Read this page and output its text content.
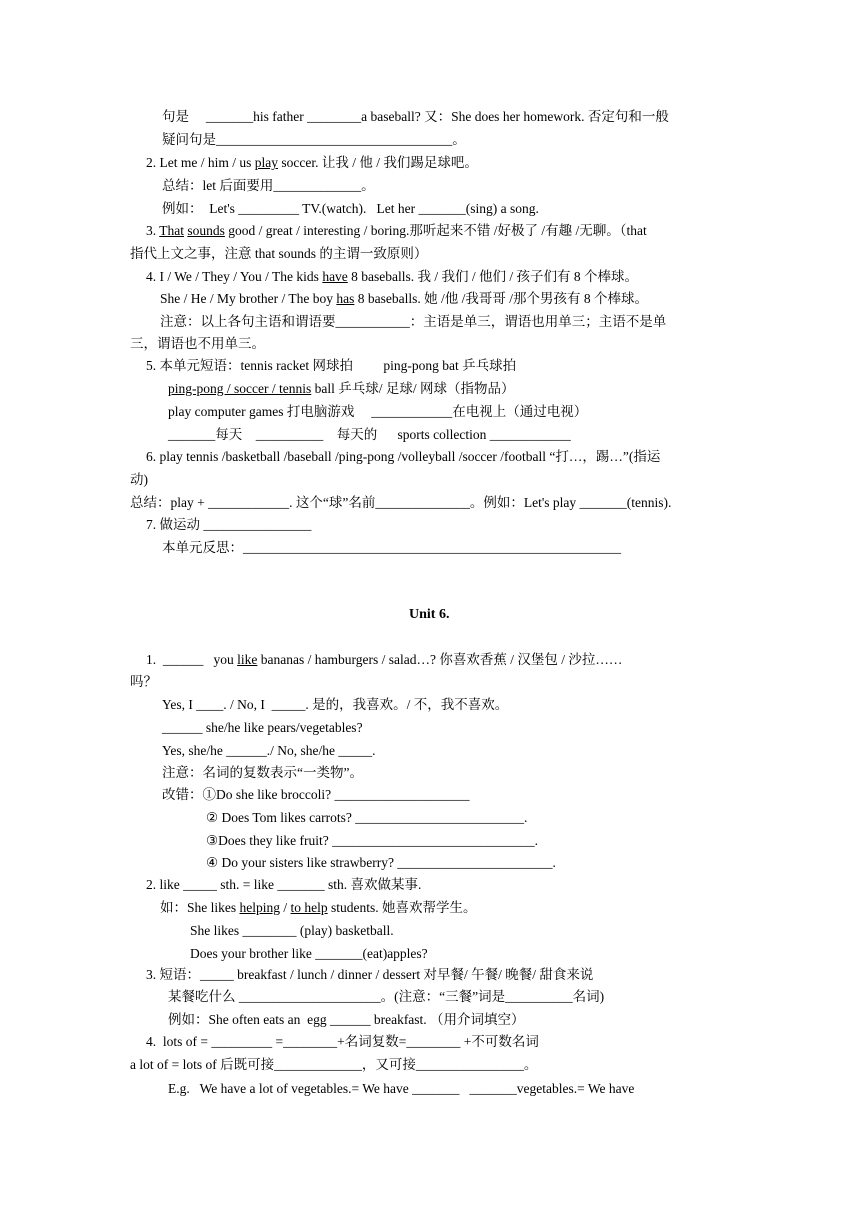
句是　 _______his father ________a baseball? 又：She does her homework. 否定句和一般
疑问句是___________________________________。
2. Let me / him / us play soccer. 让我 / 他 / 我们踢足球吧。
总结：let 后面要用_____________。
例如：  Let's _________ TV.(watch).   Let her _______(sing) a song.
3. That sounds good / great / interesting / boring.那听起来不错 /好极了 /有趣 /无聊。（that
指代上文之事，注意 that sounds 的主谓一致原则）
4. I / We / They / You / The kids have 8 baseballs. 我 / 我们 / 他们 / 孩子们有 8 个棒球。
She / He / My brother / The boy has 8 baseballs. 她 /他 /我哥哥 /那个男孩有 8 个棒球。
注意：以上各句主语和谓语要___________：主语是单三，谓语也用单三；主语不是单
三，谓语也不用单三。
5. 本单元短语：tennis racket 网球拍         ping-pong bat 乒乓球拍
ping-pong / soccer / tennis ball 乒乓球/ 足球/ 网球（指物品）
play computer games 打电脑游戏     ____________在电视上（通过电视）
_______每天    __________    每天的      sports collection ____________
6. play tennis /basketball /baseball /ping-pong /volleyball /soccer /football “打…，踢…”(指运
动)
总结：play + ____________. 这个“球”名前______________。例如：Let's play _______(tennis).
7. 做运动 ________________
本单元反思：________________________________________________________
Unit 6.
1.  ______   you like bananas / hamburgers / salad…? 你喜欢香蕉 / 汉堡包 / 沙拉……
吗？
Yes, I ____. / No, I  _____. 是的，我喜欢。/ 不，我不喜欢。
______ she/he like pears/vegetables?
Yes, she/he ______./ No, she/he _____.
注意：名词的复数表示“一类物”。
改错：①Do she like broccoli? ____________________
② Does Tom likes carrots? _________________________.
③Does they like fruit? ______________________________.
④ Do your sisters like strawberry? _______________________.
2. like _____ sth. = like _______ sth. 喜欢做某事.
如：She likes helping / to help students. 她喜欢帮学生。
She likes ________ (play) basketball.
Does your brother like _______(eat)apples?
3. 短语：_____ breakfast / lunch / dinner / dessert 对早餐/ 午餐/ 晚餐/ 甜食来说
某餐吃什么 _____________________。(注意：“三餐”词是__________名词)
例如：She often eats an  egg ______ breakfast. （用介词填空）
4.  lots of = _________ =________+名词复数=________ +不可数名词
a lot of = lots of 后既可接_____________，又可接________________。
E.g.   We have a lot of vegetables.= We have _______   _______vegetables.= We have
